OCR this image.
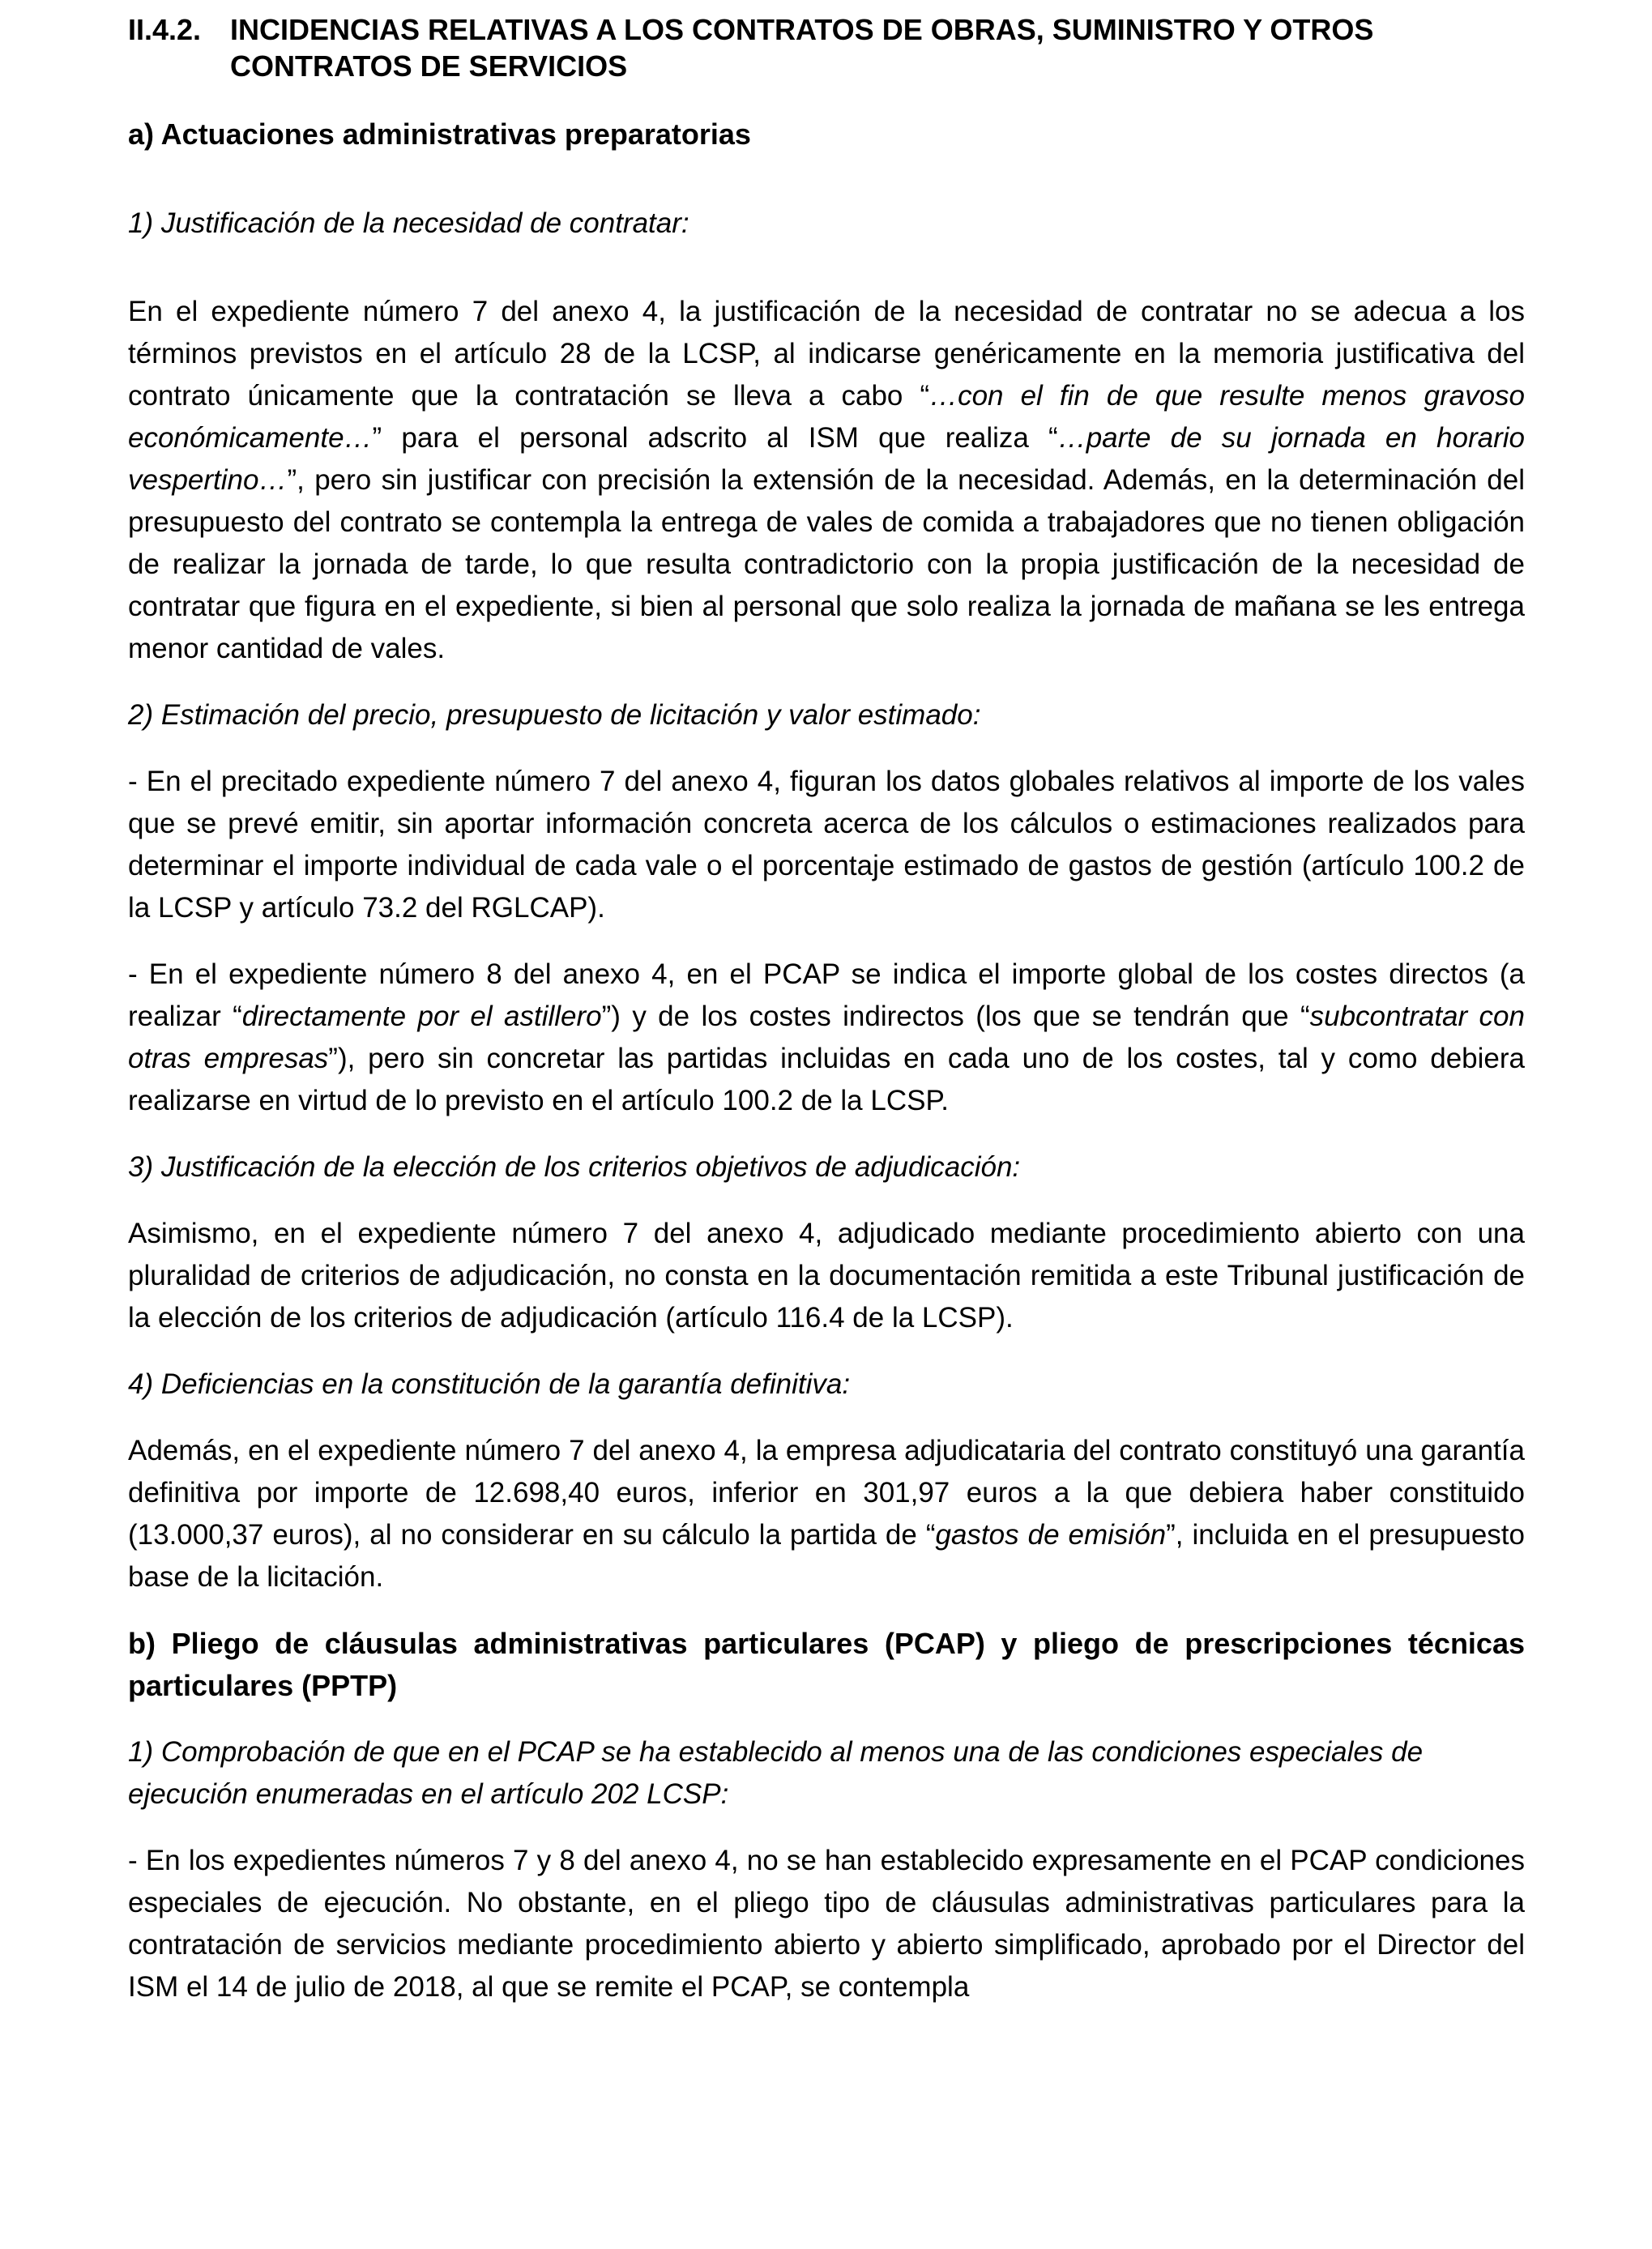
II.4.2. INCIDENCIAS RELATIVAS A LOS CONTRATOS DE OBRAS, SUMINISTRO Y OTROS CONTRATOS DE SERVICIOS
a) Actuaciones administrativas preparatorias
1) Justificación de la necesidad de contratar:

En el expediente número 7 del anexo 4, la justificación de la necesidad de contratar no se adecua a los términos previstos en el artículo 28 de la LCSP, al indicarse genéricamente en la memoria justificativa del contrato únicamente que la contratación se lleva a cabo “…con el fin de que resulte menos gravoso económicamente…” para el personal adscrito al ISM que realiza “…parte de su jornada en horario vespertino…”, pero sin justificar con precisión la extensión de la necesidad. Además, en la determinación del presupuesto del contrato se contempla la entrega de vales de comida a trabajadores que no tienen obligación de realizar la jornada de tarde, lo que resulta contradictorio con la propia justificación de la necesidad de contratar que figura en el expediente, si bien al personal que solo realiza la jornada de mañana se les entrega menor cantidad de vales.

2) Estimación del precio, presupuesto de licitación y valor estimado:

- En el precitado expediente número 7 del anexo 4, figuran los datos globales relativos al importe de los vales que se prevé emitir, sin aportar información concreta acerca de los cálculos o estimaciones realizados para determinar el importe individual de cada vale o el porcentaje estimado de gastos de gestión (artículo 100.2 de la LCSP y artículo 73.2 del RGLCAP).

- En el expediente número 8 del anexo 4, en el PCAP se indica el importe global de los costes directos (a realizar “directamente por el astillero”) y de los costes indirectos (los que se tendrán que “subcontratar con otras empresas”), pero sin concretar las partidas incluidas en cada uno de los costes, tal y como debiera realizarse en virtud de lo previsto en el artículo 100.2 de la LCSP.

3) Justificación de la elección de los criterios objetivos de adjudicación:

Asimismo, en el expediente número 7 del anexo 4, adjudicado mediante procedimiento abierto con una pluralidad de criterios de adjudicación, no consta en la documentación remitida a este Tribunal justificación de la elección de los criterios de adjudicación (artículo 116.4 de la LCSP).

4) Deficiencias en la constitución de la garantía definitiva:

Además, en el expediente número 7 del anexo 4, la empresa adjudicataria del contrato constituyó una garantía definitiva por importe de 12.698,40 euros, inferior en 301,97 euros a la que debiera haber constituido (13.000,37 euros), al no considerar en su cálculo la partida de “gastos de emisión”, incluida en el presupuesto base de la licitación.

b) Pliego de cláusulas administrativas particulares (PCAP) y pliego de prescripciones técnicas particulares (PPTP)
1) Comprobación de que en el PCAP se ha establecido al menos una de las condiciones especiales de ejecución enumeradas en el artículo 202 LCSP:

- En los expedientes números 7 y 8 del anexo 4, no se han establecido expresamente en el PCAP condiciones especiales de ejecución. No obstante, en el pliego tipo de cláusulas administrativas particulares para la contratación de servicios mediante procedimiento abierto y abierto simplificado, aprobado por el Director del ISM el 14 de julio de 2018, al que se remite el PCAP, se contempla
